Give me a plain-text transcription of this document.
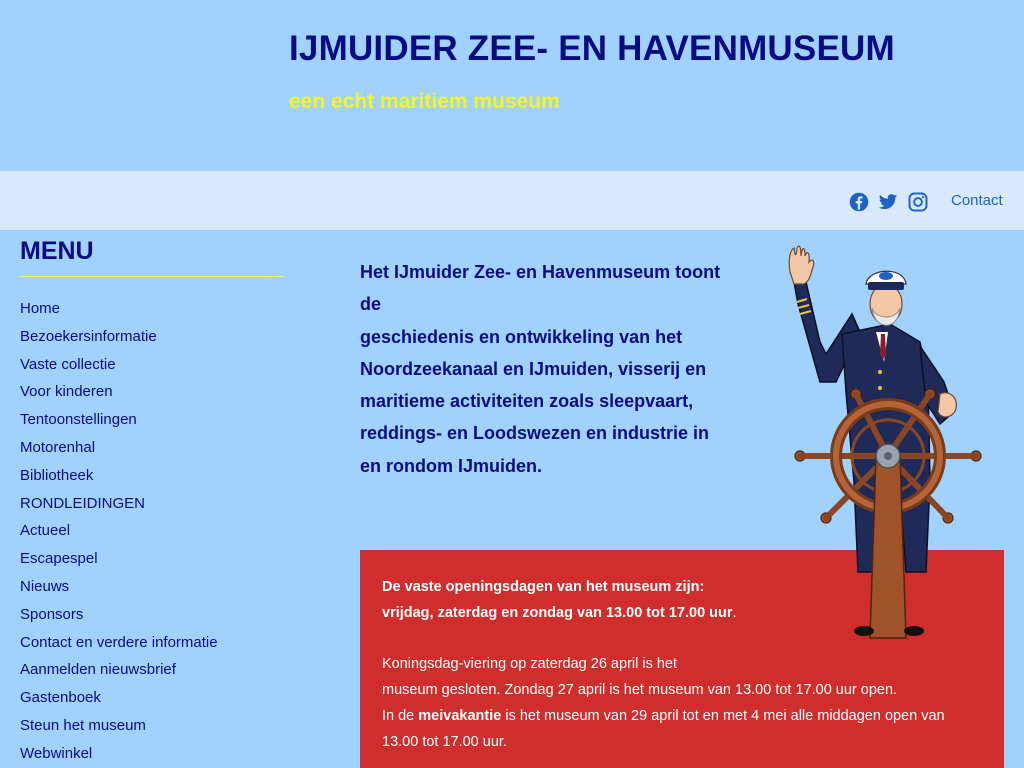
IJMUIDER ZEE- EN HAVENMUSEUM
een echt maritiem museum
Contact
MENU
Home
Bezoekersinformatie
Vaste collectie
Voor kinderen
Tentoonstellingen
Motorenhal
Bibliotheek
RONDLEIDINGEN
Actueel
Escapespel
Nieuws
Sponsors
Contact en verdere informatie
Aanmelden nieuwsbrief
Gastenboek
Steun het museum
Webwinkel
Het IJmuider Zee- en Havenmuseum toont
de
geschiedenis en ontwikkeling van het
Noordzeekanaal en IJmuiden, visserij en
maritieme activiteiten zoals sleepvaart,
reddings- en Loodswezen en industrie in
en rondom IJmuiden.

De vaste openingsdagen van het museum zijn:

vrijdag, zaterdag en zondag van 13.00 tot 17.00 uur.

Koningsdag-viering op zaterdag 26 april is het

museum gesloten. Zondag 27 april is het museum van 13.00 tot 17.00 uur open.

In de meivakantie is het museum van 29 april tot en met 4 mei alle middagen open van

13.00 tot 17.00 uur.
